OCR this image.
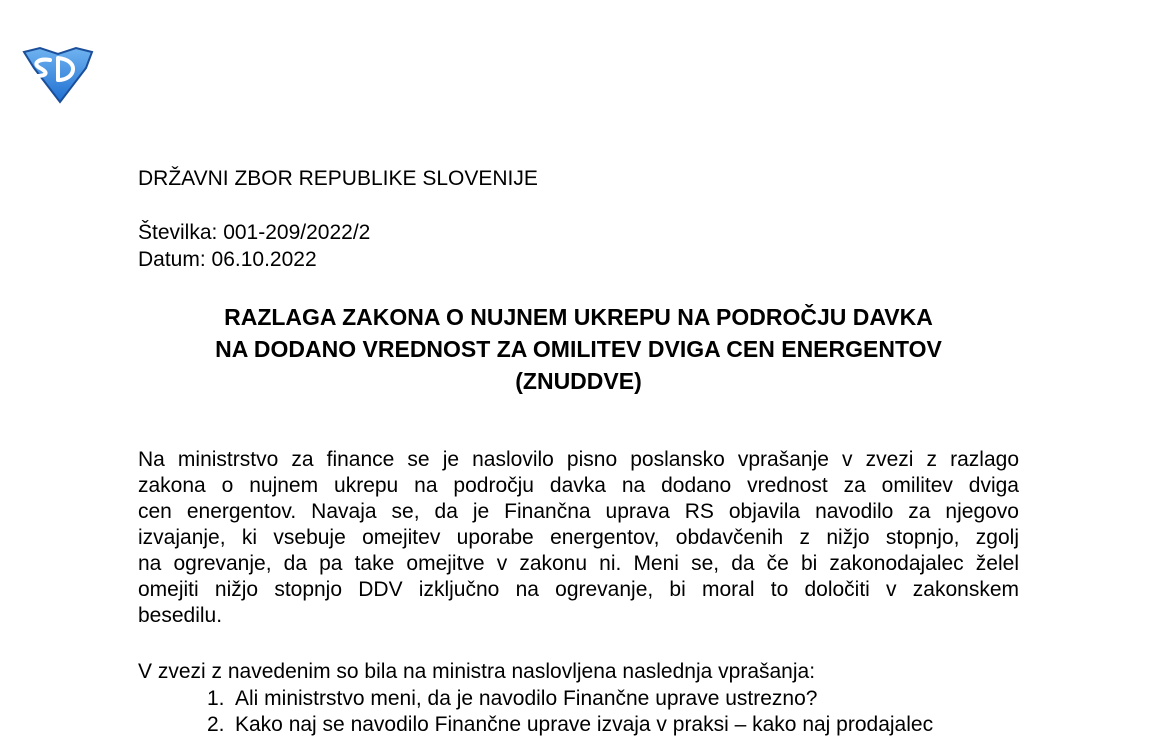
DRŽAVNI ZBOR REPUBLIKE SLOVENIJE
Številka: 001-209/2022/2
Datum: 06.10.2022
RAZLAGA ZAKONA O NUJNEM UKREPU NA PODROČJU DAVKA
NA DODANO VREDNOST ZA OMILITEV DVIGA CEN ENERGENTOV
(ZNUDDVE)
Na ministrstvo za finance se je naslovilo pisno poslansko vprašanje v zvezi z razlago
zakona o nujnem ukrepu na področju davka na dodano vrednost za omilitev dviga
cen energentov. Navaja se, da je Finančna uprava RS objavila navodilo za njegovo
izvajanje, ki vsebuje omejitev uporabe energentov, obdavčenih z nižjo stopnjo, zgolj
na ogrevanje, da pa take omejitve v zakonu ni. Meni se, da če bi zakonodajalec želel
omejiti nižjo stopnjo DDV izključno na ogrevanje, bi moral to določiti v zakonskem
besedilu.
V zvezi z navedenim so bila na ministra naslovljena naslednja vprašanja:
1. Ali ministrstvo meni, da je navodilo Finančne uprave ustrezno?
2. Kako naj se navodilo Finančne uprave izvaja v praksi – kako naj prodajalec
